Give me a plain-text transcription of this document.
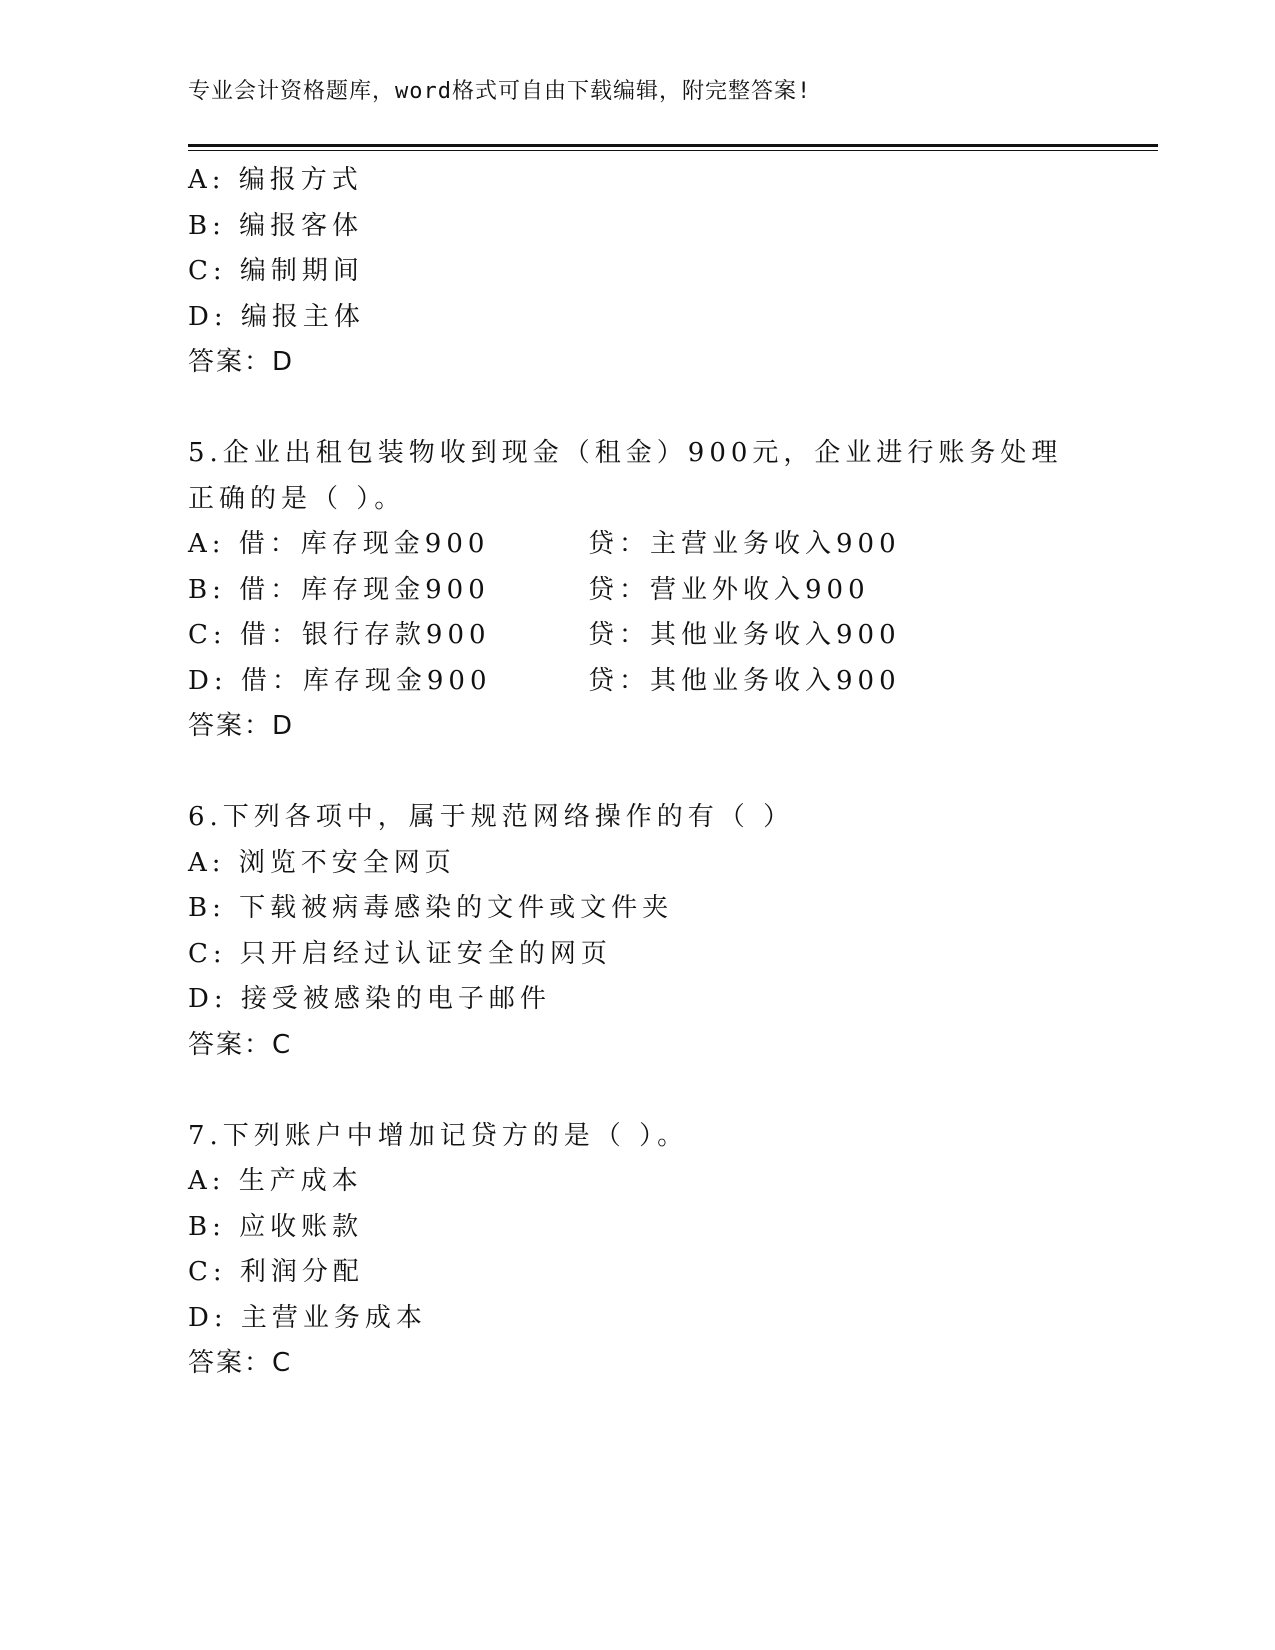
专业会计资格题库，word格式可自由下载编辑，附完整答案!
A: 编报方式
B: 编报客体
C: 编制期间
D: 编报主体
答案：D
5.企业出租包装物收到现金（租金）900元，企业进行账务处理正确的是（ ）。
A: 借：库存现金900	贷：主营业务收入900
B: 借：库存现金900	贷：营业外收入900
C: 借：银行存款900	贷：其他业务收入900
D: 借：库存现金900	贷：其他业务收入900
答案：D
6.下列各项中，属于规范网络操作的有（ ）
A: 浏览不安全网页
B: 下载被病毒感染的文件或文件夹
C: 只开启经过认证安全的网页
D: 接受被感染的电子邮件
答案：C
7.下列账户中增加记贷方的是（ ）。
A: 生产成本
B: 应收账款
C: 利润分配
D: 主营业务成本
答案：C
